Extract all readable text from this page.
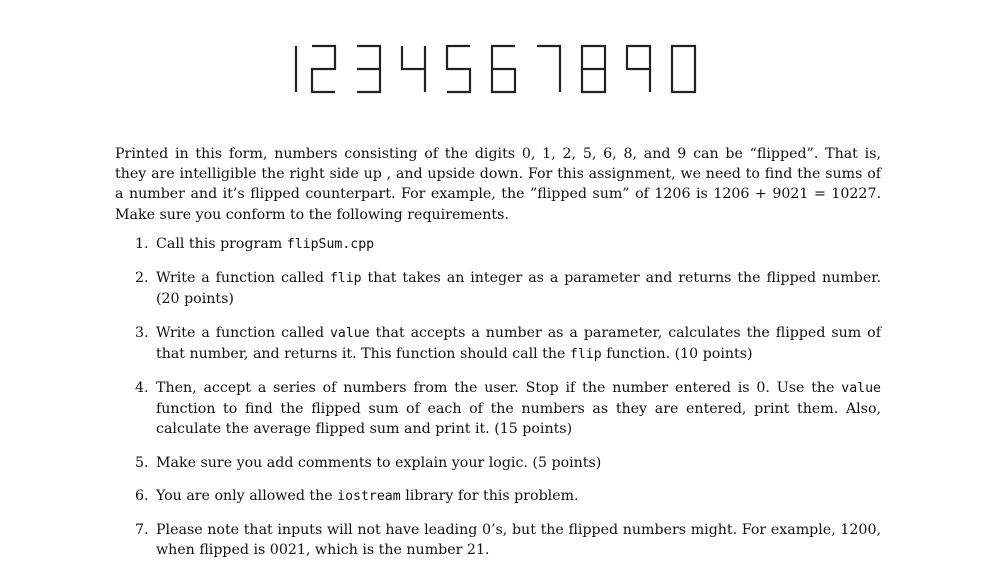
Printed in this form, numbers consisting of the digits 0, 1, 2, 5, 6, 8, and 9 can be “flipped”. That is,
they are intelligible the right side up , and upside down. For this assignment, we need to find the sums of
a number and it’s flipped counterpart. For example, the ”flipped sum” of 1206 is 1206 + 9021 = 10227.
Make sure you conform to the following requirements.
1. Call this program flipSum.cpp
2. Write a function called flip that takes an integer as a parameter and returns the flipped number. (20 points)
3. Write a function called value that accepts a number as a parameter, calculates the flipped sum of that number, and returns it. This function should call the flip function. (10 points)
4. Then, accept a series of numbers from the user. Stop if the number entered is 0. Use the value function to find the flipped sum of each of the numbers as they are entered, print them. Also, calculate the average flipped sum and print it. (15 points)
5. Make sure you add comments to explain your logic. (5 points)
6. You are only allowed the iostream library for this problem.
7. Please note that inputs will not have leading 0’s, but the flipped numbers might. For example, 1200, when flipped is 0021, which is the number 21.
